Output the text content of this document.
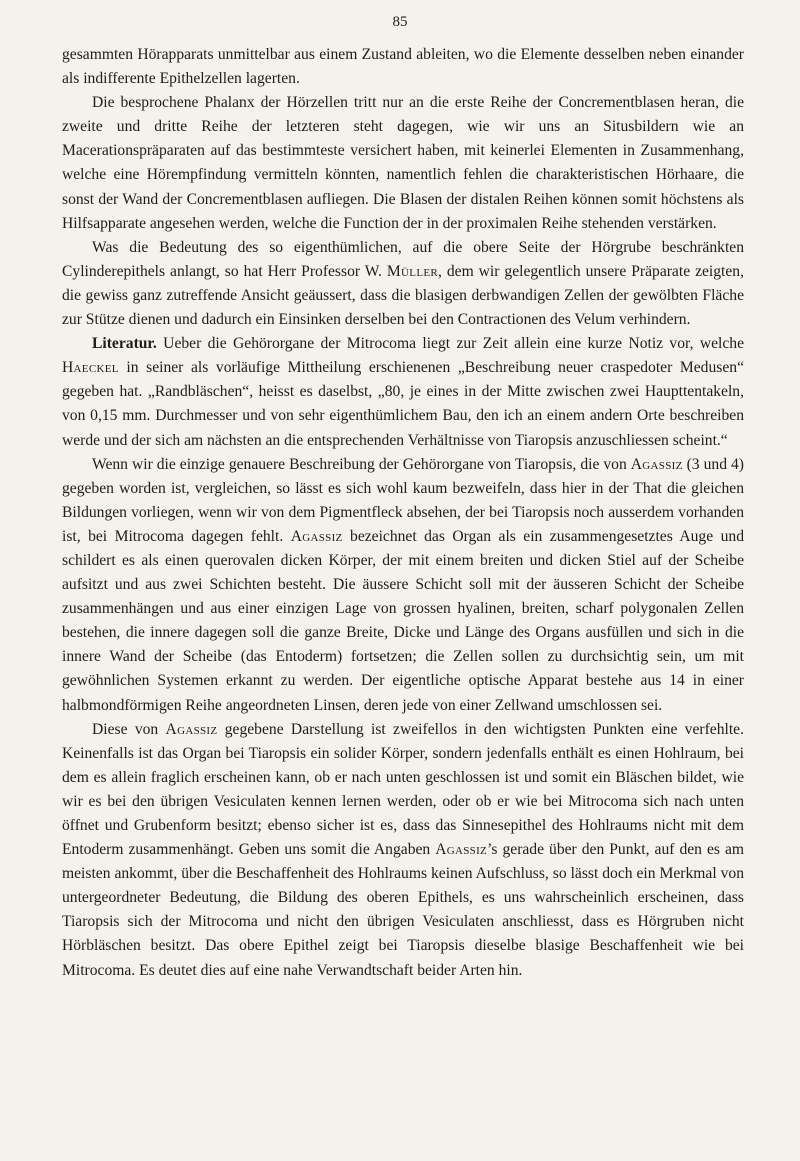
85

gesammten Hörapparats unmittelbar aus einem Zustand ableiten, wo die Elemente desselben neben einander als indifferente Epithelzellen lagerten.

Die besprochene Phalanx der Hörzellen tritt nur an die erste Reihe der Concrementblasen heran, die zweite und dritte Reihe der letzteren steht dagegen, wie wir uns an Situsbildern wie an Macerationspräparaten auf das bestimmteste versichert haben, mit keinerlei Elementen in Zusammenhang, welche eine Hörempfindung vermitteln könnten, namentlich fehlen die charakteristischen Hörhaare, die sonst der Wand der Concrementblasen aufliegen. Die Blasen der distalen Reihen können somit höchstens als Hilfsapparate angesehen werden, welche die Function der in der proximalen Reihe stehenden verstärken.

Was die Bedeutung des so eigenthümlichen, auf die obere Seite der Hörgrube beschränkten Cylinderepithels anlangt, so hat Herr Professor W. Müller, dem wir gelegentlich unsere Präparate zeigten, die gewiss ganz zutreffende Ansicht geäussert, dass die blasigen derbwandigen Zellen der gewölbten Fläche zur Stütze dienen und dadurch ein Einsinken derselben bei den Contractionen des Velum verhindern.

Literatur. Ueber die Gehörorgane der Mitrocoma liegt zur Zeit allein eine kurze Notiz vor, welche Haeckel in seiner als vorläufige Mittheilung erschienenen „Beschreibung neuer craspedoter Medusen“ gegeben hat. „Randbläschen“, heisst es daselbst, „80, je eines in der Mitte zwischen zwei Haupttentakeln, von 0,15 mm. Durchmesser und von sehr eigenthümlichem Bau, den ich an einem andern Orte beschreiben werde und der sich am nächsten an die entsprechenden Verhältnisse von Tiaropsis anzuschliessen scheint.“

Wenn wir die einzige genauere Beschreibung der Gehörorgane von Tiaropsis, die von Agassiz (3 und 4) gegeben worden ist, vergleichen, so lässt es sich wohl kaum bezweifeln, dass hier in der That die gleichen Bildungen vorliegen, wenn wir von dem Pigmentfleck absehen, der bei Tiaropsis noch ausserdem vorhanden ist, bei Mitrocoma dagegen fehlt. Agassiz bezeichnet das Organ als ein zusammengesetztes Auge und schildert es als einen querovalen dicken Körper, der mit einem breiten und dicken Stiel auf der Scheibe aufsitzt und aus zwei Schichten besteht. Die äussere Schicht soll mit der äusseren Schicht der Scheibe zusammenhängen und aus einer einzigen Lage von grossen hyalinen, breiten, scharf polygonalen Zellen bestehen, die innere dagegen soll die ganze Breite, Dicke und Länge des Organs ausfüllen und sich in die innere Wand der Scheibe (das Entoderm) fortsetzen; die Zellen sollen zu durchsichtig sein, um mit gewöhnlichen Systemen erkannt zu werden. Der eigentliche optische Apparat bestehe aus 14 in einer halbmondförmigen Reihe angeordneten Linsen, deren jede von einer Zellwand umschlossen sei.

Diese von Agassiz gegebene Darstellung ist zweifellos in den wichtigsten Punkten eine verfehlte. Keinenfalls ist das Organ bei Tiaropsis ein solider Körper, sondern jedenfalls enthält es einen Hohlraum, bei dem es allein fraglich erscheinen kann, ob er nach unten geschlossen ist und somit ein Bläschen bildet, wie wir es bei den übrigen Vesiculaten kennen lernen werden, oder ob er wie bei Mitrocoma sich nach unten öffnet und Grubenform besitzt; ebenso sicher ist es, dass das Sinnesepithel des Hohlraums nicht mit dem Entoderm zusammenhängt. Geben uns somit die Angaben Agassiz’s gerade über den Punkt, auf den es am meisten ankommt, über die Beschaffenheit des Hohlraums keinen Aufschluss, so lässt doch ein Merkmal von untergeordneter Bedeutung, die Bildung des oberen Epithels, es uns wahrscheinlich erscheinen, dass Tiaropsis sich der Mitrocoma und nicht den übrigen Vesiculaten anschliesst, dass es Hörgruben nicht Hörbläschen besitzt. Das obere Epithel zeigt bei Tiaropsis dieselbe blasige Beschaffenheit wie bei Mitrocoma. Es deutet dies auf eine nahe Verwandtschaft beider Arten hin.
